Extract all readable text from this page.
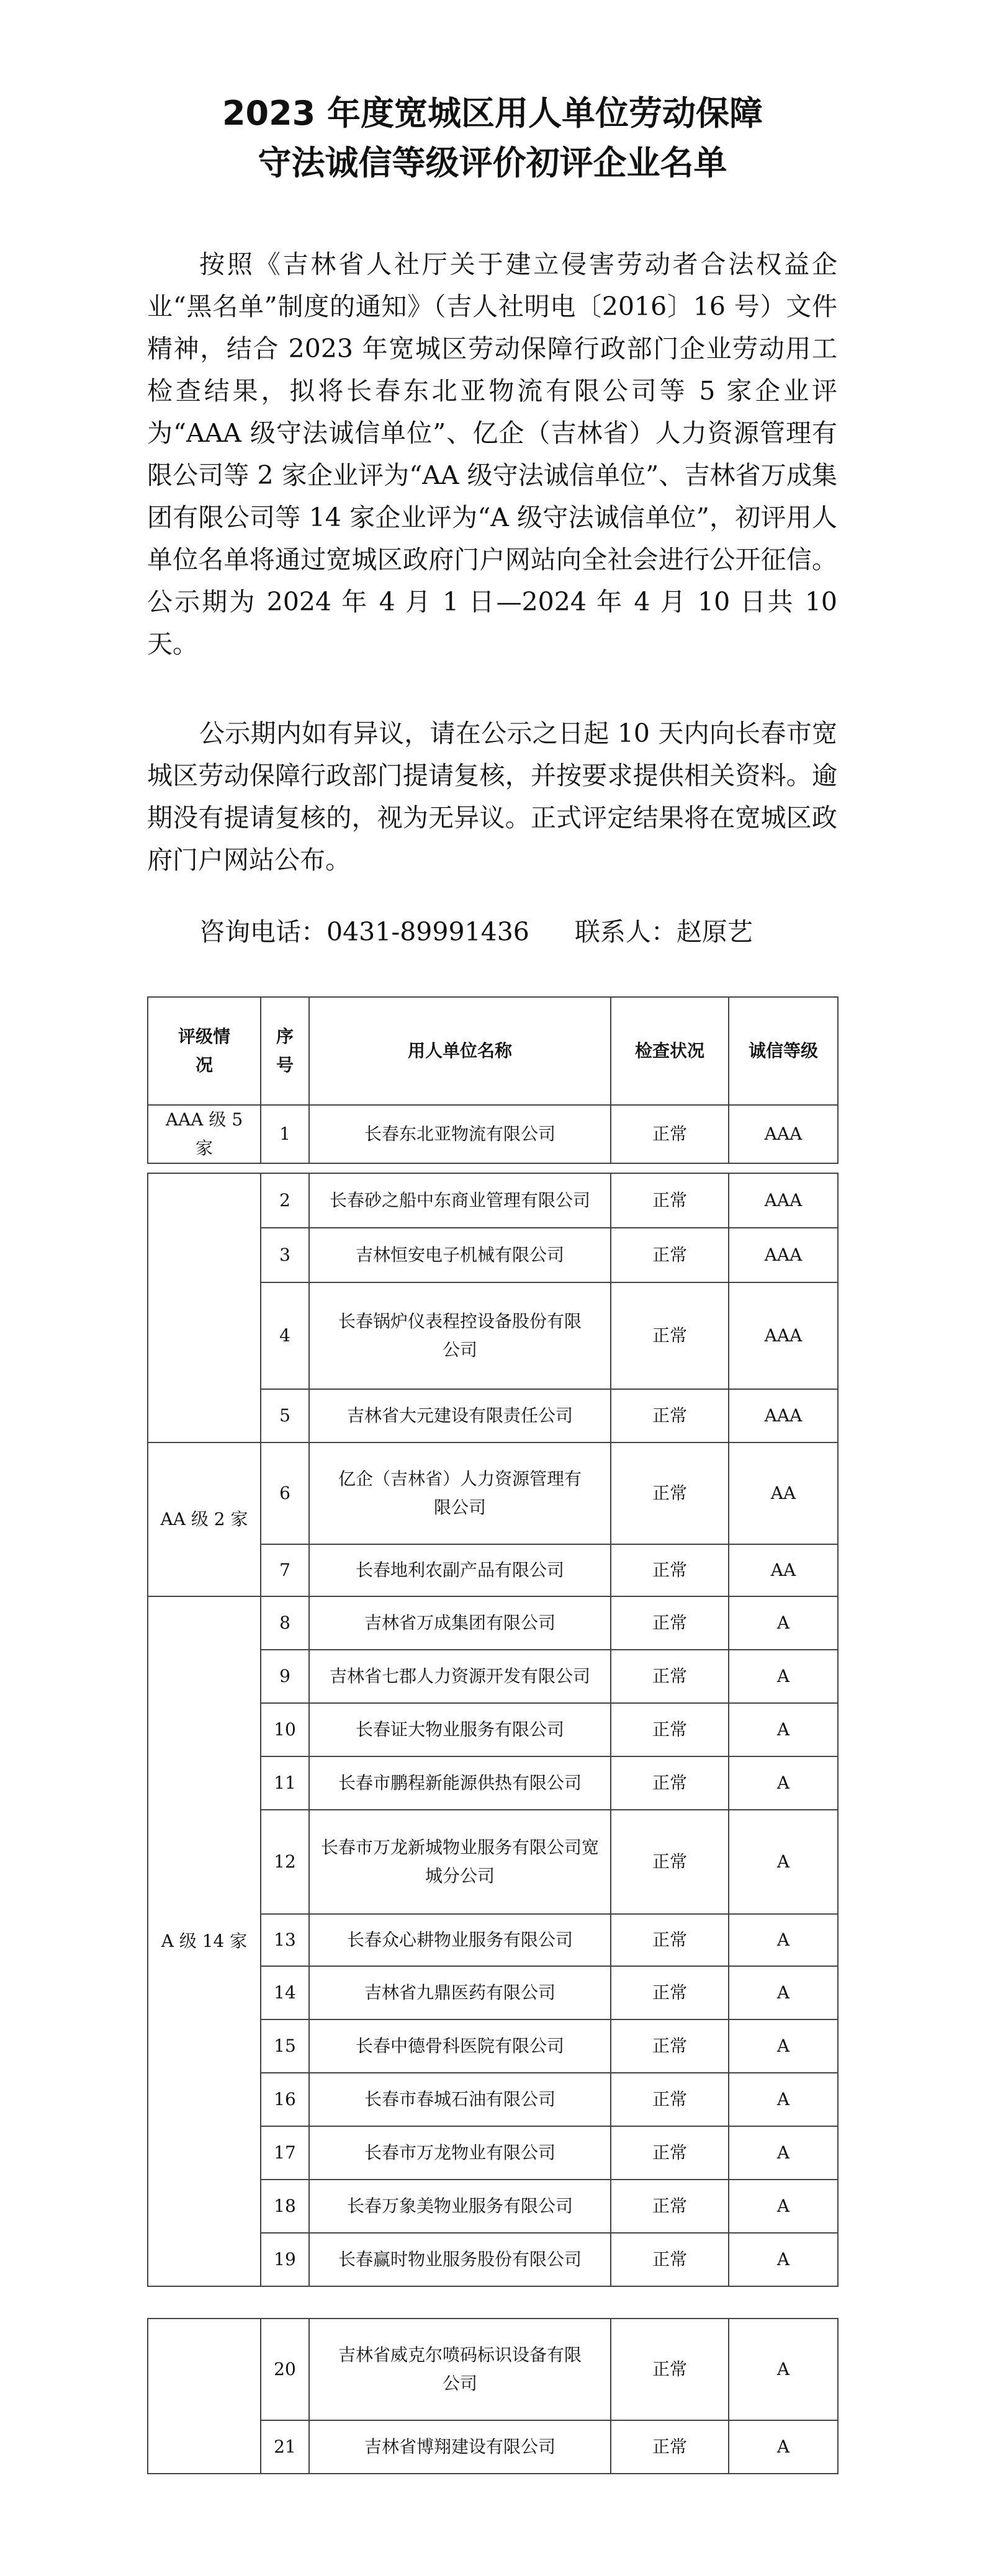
2023 年度宽城区用人单位劳动保障
守法诚信等级评价初评企业名单

按照《吉林省人社厅关于建立侵害劳动者合法权益企业“黑名单”制度的通知》（吉人社明电〔2016〕16 号）文件精神，结合 2023 年宽城区劳动保障行政部门企业劳动用工检查结果，拟将长春东北亚物流有限公司等 5 家企业评为“AAA 级守法诚信单位”、亿企（吉林省）人力资源管理有限公司等 2 家企业评为“AA 级守法诚信单位”、吉林省万成集团有限公司等 14 家企业评为“A 级守法诚信单位”，初评用人单位名单将通过宽城区政府门户网站向全社会进行公开征信。公示期为 2024 年 4 月 1 日—2024 年 4 月 10 日共 10 天。

公示期内如有异议，请在公示之日起 10 天内向长春市宽城区劳动保障行政部门提请复核，并按要求提供相关资料。逾期没有提请复核的，视为无异议。正式评定结果将在宽城区政府门户网站公布。

咨询电话：0431-89991436 联系人：赵原艺
评级情况	序号	用人单位名称	检查状况	诚信等级
AAA 级 5 家	1	长春东北亚物流有限公司	正常	AAA
	2	长春砂之船中东商业管理有限公司	正常	AAA
	3	吉林恒安电子机械有限公司	正常	AAA
	4	长春锅炉仪表程控设备股份有限公司	正常	AAA
	5	吉林省大元建设有限责任公司	正常	AAA
AA 级 2 家	6	亿企（吉林省）人力资源管理有限公司	正常	AA
	7	长春地利农副产品有限公司	正常	AA
A 级 14 家	8	吉林省万成集团有限公司	正常	A
	9	吉林省七郡人力资源开发有限公司	正常	A
	10	长春证大物业服务有限公司	正常	A
	11	长春市鹏程新能源供热有限公司	正常	A
	12	长春市万龙新城物业服务有限公司宽城分公司	正常	A
	13	长春众心耕物业服务有限公司	正常	A
	14	吉林省九鼎医药有限公司	正常	A
	15	长春中德骨科医院有限公司	正常	A
	16	长春市春城石油有限公司	正常	A
	17	长春市万龙物业有限公司	正常	A
	18	长春万象美物业服务有限公司	正常	A
	19	长春赢时物业服务股份有限公司	正常	A
	20	吉林省威克尔喷码标识设备有限公司	正常	A
	21	吉林省博翔建设有限公司	正常	A
